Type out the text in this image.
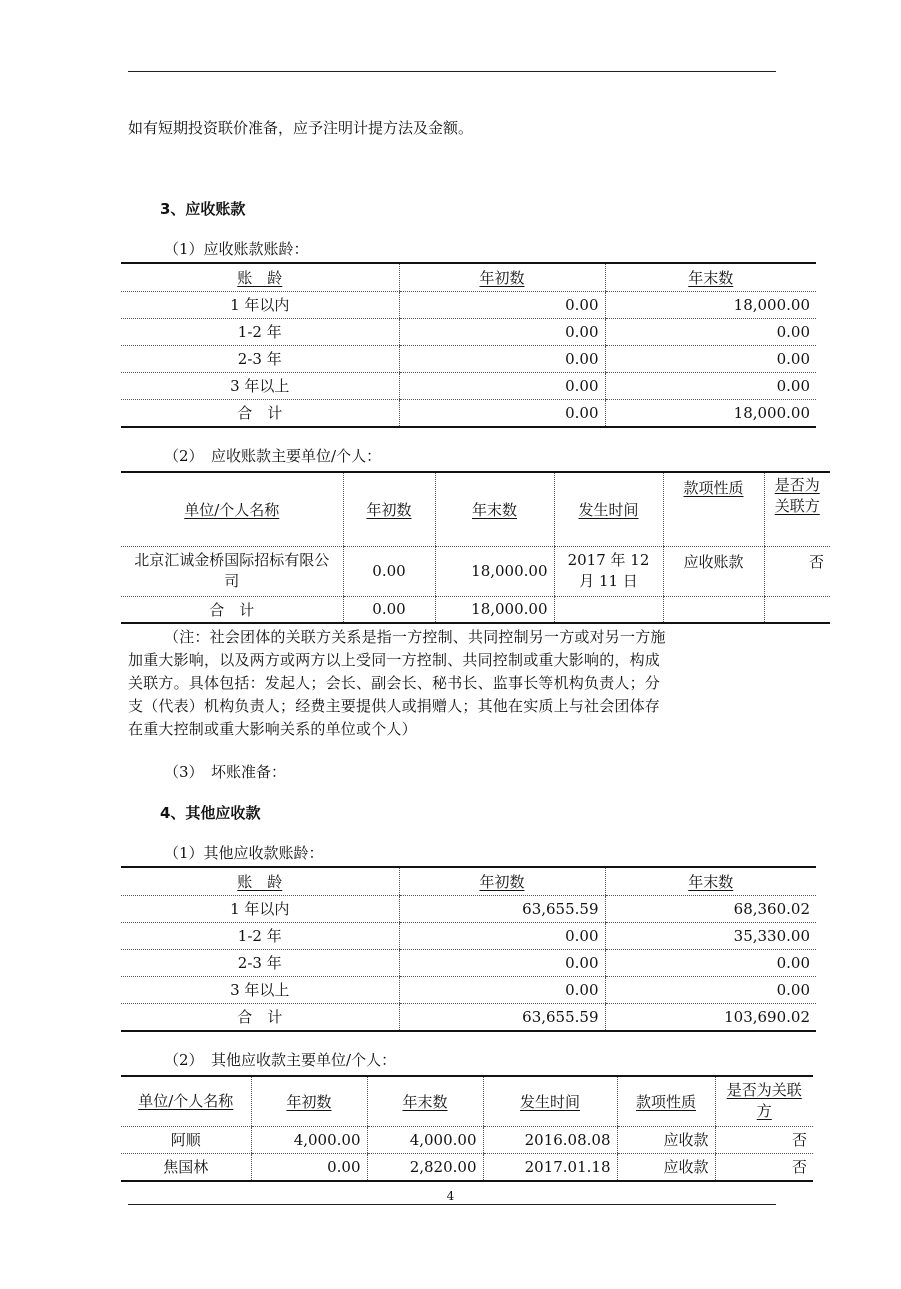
如有短期投资联价准备，应予注明计提方法及金额。
3、应收账款
（1）应收账款账龄：
账　龄	年初数	年末数
1 年以内	0.00	18,000.00
1-2 年	0.00	0.00
2-3 年	0.00	0.00
3 年以上	0.00	0.00
合　计	0.00	18,000.00
（2）　应收账款主要单位/个人：
单位/个人名称	年初数	年末数	发生时间	款项性质	是否为关联方
北京汇诚金桥国际招标有限公司	0.00	18,000.00	2017 年 12 月 11 日	应收账款	否
合　计	0.00	18,000.00			
（注：社会团体的关联方关系是指一方控制、共同控制另一方或对另一方施
加重大影响，以及两方或两方以上受同一方控制、共同控制或重大影响的，构成
关联方。具体包括：发起人；会长、副会长、秘书长、监事长等机构负责人；分
支（代表）机构负责人；经费主要提供人或捐赠人；其他在实质上与社会团体存
在重大控制或重大影响关系的单位或个人）
（3）　坏账准备：
4、其他应收款
（1）其他应收款账龄：
账　龄	年初数	年末数
1 年以内	63,655.59	68,360.02
1-2 年	0.00	35,330.00
2-3 年	0.00	0.00
3 年以上	0.00	0.00
合　计	63,655.59	103,690.02
（2）　其他应收款主要单位/个人：
单位/个人名称	年初数	年末数	发生时间	款项性质	是否为关联方
阿顺	4,000.00	4,000.00	2016.08.08	应收款	否
焦国林	0.00	2,820.00	2017.01.18	应收款	否
4
